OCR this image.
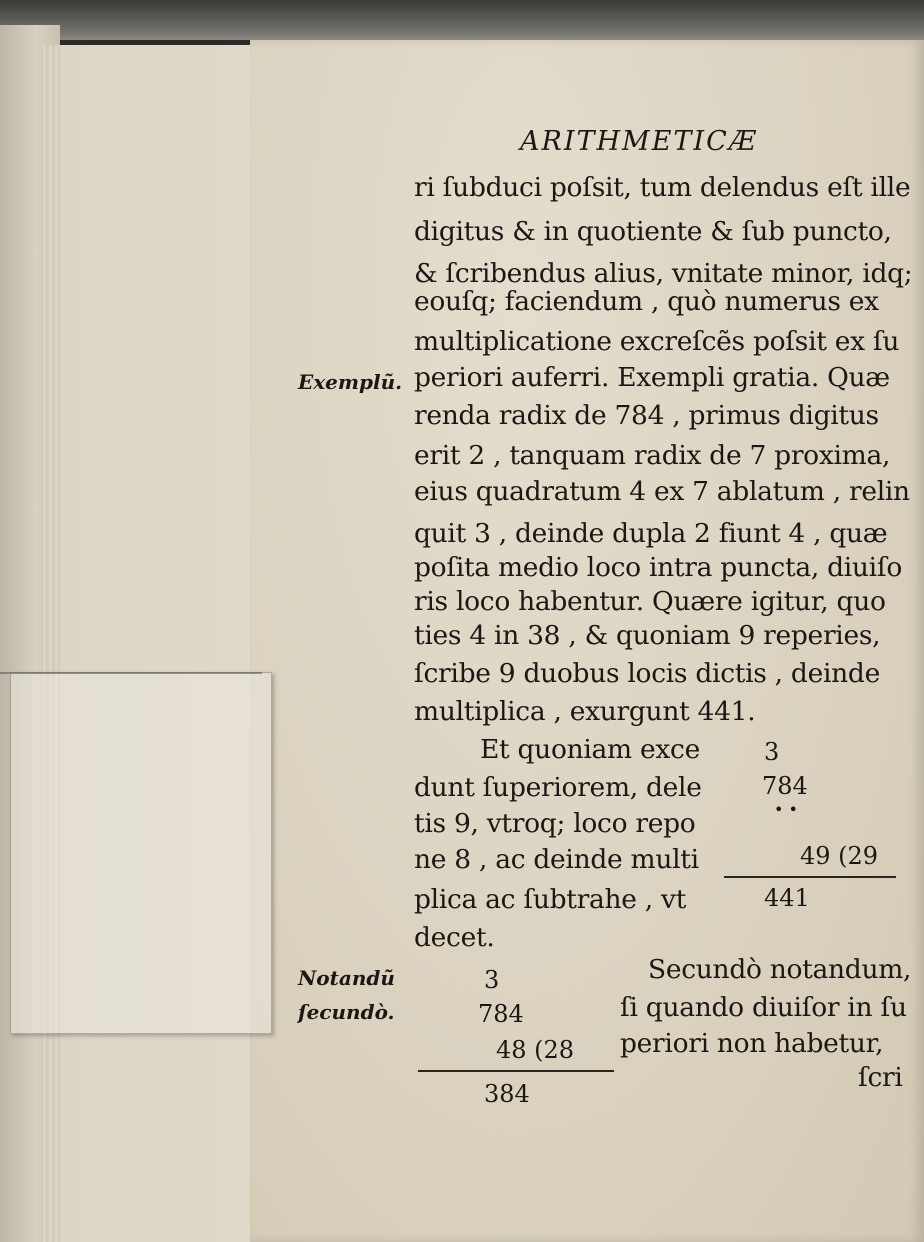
ARITHMETICÆ
ri ſubduci poſsit, tum delendus eſt ille
digitus & in quotiente & ſub puncto,
& ſcribendus alius, vnitate minor, idq;
eouſq; faciendum , quò numerus ex
multiplicatione excreſcẽs poſsit ex ſu
periori auferri. Exempli gratia. Quæ
renda radix de 784 , primus digitus
erit 2 , tanquam radix de 7 proxima,
eius quadratum 4 ex 7 ablatum , relin
quit 3 , deinde dupla 2 fiunt 4 , quæ
poſita medio loco intra puncta, diuiſo
ris loco habentur. Quære igitur, quo
ties 4 in 38 , & quoniam 9 reperies,
ſcribe 9 duobus locis dictis , deinde
multiplica , exurgunt 441.
Exemplũ.
Et quoniam exce
dunt ſuperiorem, dele
tis 9, vtroq; loco repo
ne 8 , ac deinde multi
plica ac ſubtrahe , vt
decet.
3
784
• •
49 (29
441
Notandũ
ſecundò.
3
784
48 (28
384
Secundò notandum,
ſi quando diuiſor in ſu
periori non habetur,
ſcri
